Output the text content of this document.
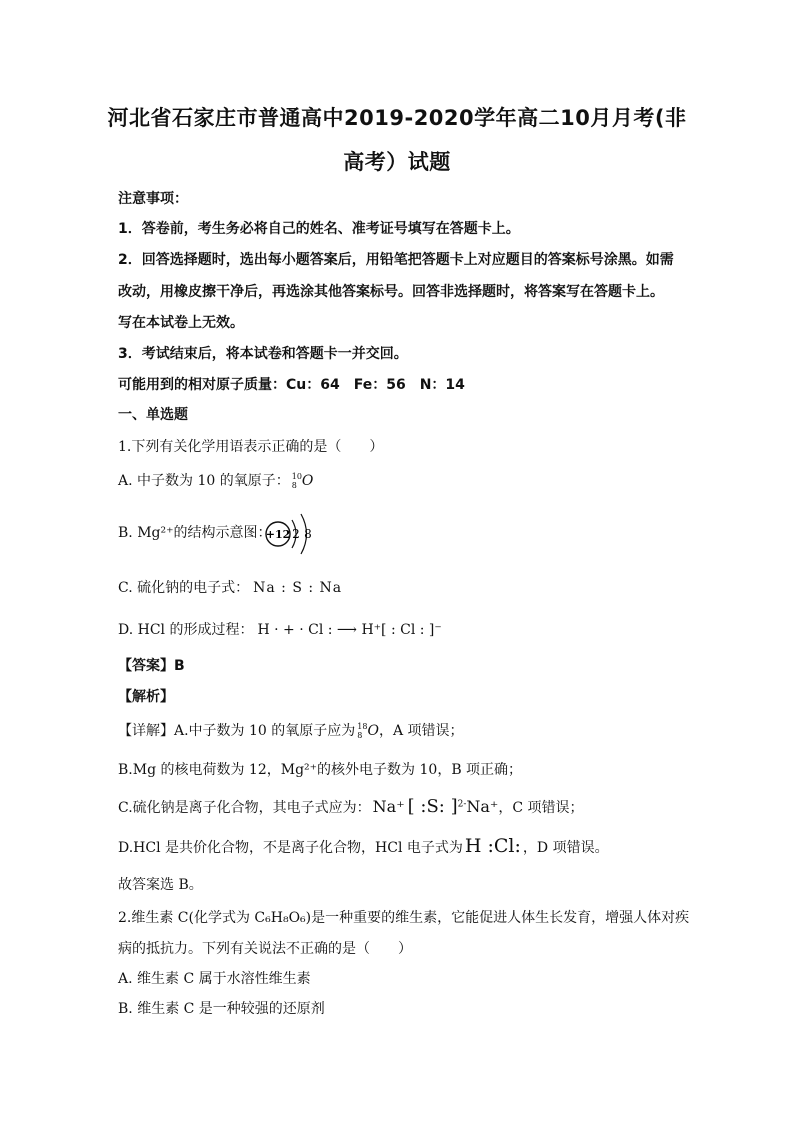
河北省石家庄市普通高中2019-2020学年高二10月月考(非
高考）试题
注意事项：
1．答卷前，考生务必将自己的姓名、准考证号填写在答题卡上。
2．回答选择题时，选出每小题答案后，用铅笔把答题卡上对应题目的答案标号涂黑。如需
改动，用橡皮擦干净后，再选涂其他答案标号。回答非选择题时，将答案写在答题卡上。
写在本试卷上无效。
3．考试结束后，将本试卷和答题卡一并交回。
可能用到的相对原子质量：Cu：64　Fe：56　N：14
一、单选题
1.下列有关化学用语表示正确的是（　　）
A. 中子数为 10 的氧原子： 10
8 O
B. Mg²⁺的结构示意图：
+12 2 8
C. 硫化钠的电子式： Na : S : Na
D. HCl 的形成过程： H · + · Cl : ⟶ H⁺[ : Cl : ]⁻
【答案】B
【解析】
【详解】A.中子数为 10 的氧原子应为 18
8 O，A 项错误；
B.Mg 的核电荷数为 12，Mg²⁺的核外电子数为 10，B 项正确；
C.硫化钠是离子化合物，其电子式应为： Na⁺ [ :S: ]$^{2-}$Na⁺，C 项错误；
D.HCl 是共价化合物，不是离子化合物，HCl 电子式为 H :Cl: ，D 项错误。
故答案选 B。
2.维生素 C(化学式为 C₆H₈O₆)是一种重要的维生素，它能促进人体生长发育，增强人体对疾
病的抵抗力。下列有关说法不正确的是（　　）
A. 维生素 C 属于水溶性维生素
B. 维生素 C 是一种较强的还原剂
